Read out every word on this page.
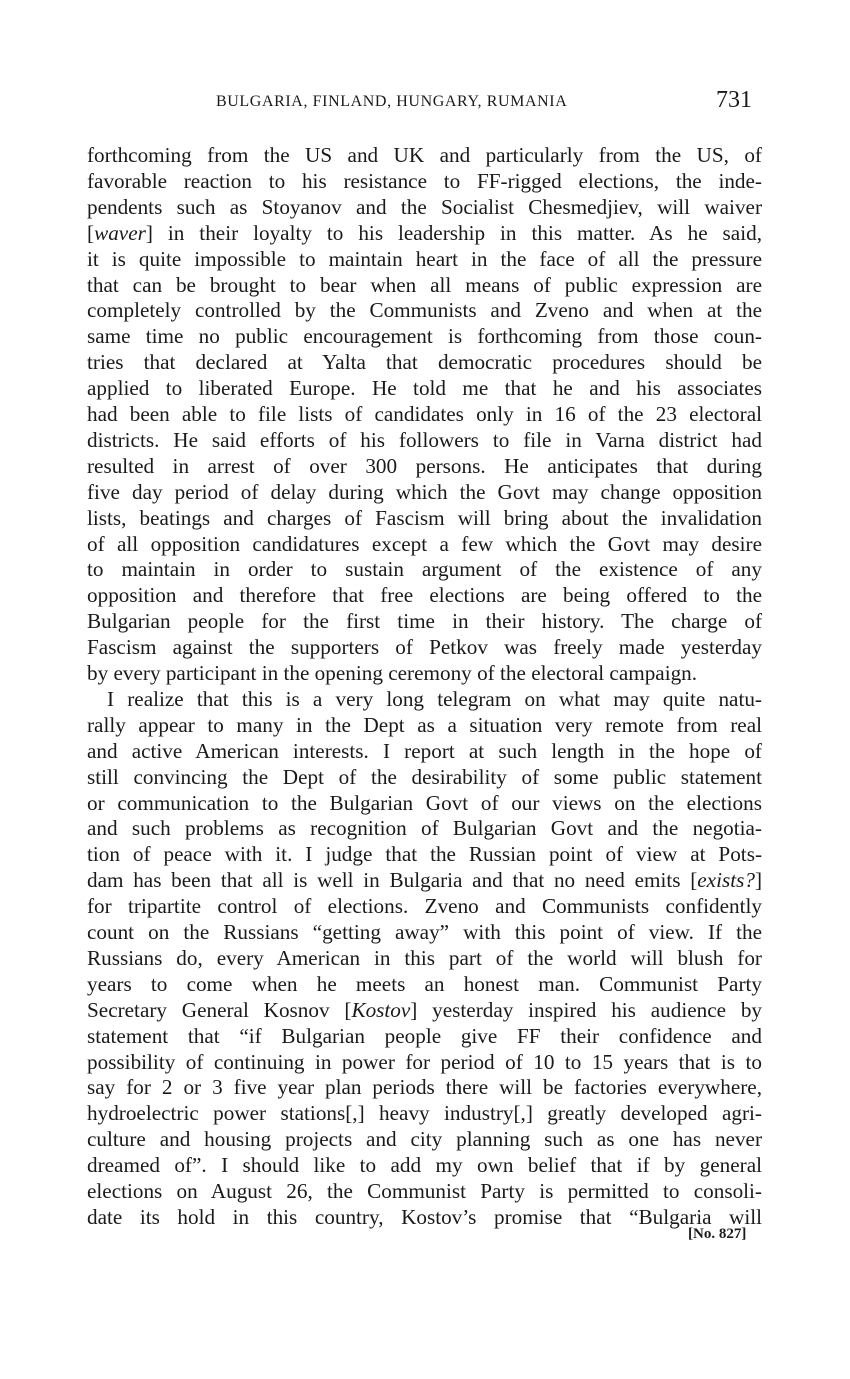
BULGARIA, FINLAND, HUNGARY, RUMANIA	731
forthcoming from the US and UK and particularly from the US, of
favorable reaction to his resistance to FF-rigged elections, the inde-
pendents such as Stoyanov and the Socialist Chesmedjiev, will waiver
[waver] in their loyalty to his leadership in this matter. As he said,
it is quite impossible to maintain heart in the face of all the pressure
that can be brought to bear when all means of public expression are
completely controlled by the Communists and Zveno and when at the
same time no public encouragement is forthcoming from those coun-
tries that declared at Yalta that democratic procedures should be
applied to liberated Europe. He told me that he and his associates
had been able to file lists of candidates only in 16 of the 23 electoral
districts. He said efforts of his followers to file in Varna district had
resulted in arrest of over 300 persons. He anticipates that during
five day period of delay during which the Govt may change opposition
lists, beatings and charges of Fascism will bring about the invalidation
of all opposition candidatures except a few which the Govt may desire
to maintain in order to sustain argument of the existence of any
opposition and therefore that free elections are being offered to the
Bulgarian people for the first time in their history. The charge of
Fascism against the supporters of Petkov was freely made yesterday
by every participant in the opening ceremony of the electoral campaign.
I realize that this is a very long telegram on what may quite natu-
rally appear to many in the Dept as a situation very remote from real
and active American interests. I report at such length in the hope of
still convincing the Dept of the desirability of some public statement
or communication to the Bulgarian Govt of our views on the elections
and such problems as recognition of Bulgarian Govt and the negotia-
tion of peace with it. I judge that the Russian point of view at Pots-
dam has been that all is well in Bulgaria and that no need emits [exists?]
for tripartite control of elections. Zveno and Communists confidently
count on the Russians “getting away” with this point of view. If the
Russians do, every American in this part of the world will blush for
years to come when he meets an honest man. Communist Party
Secretary General Kosnov [Kostov] yesterday inspired his audience by
statement that “if Bulgarian people give FF their confidence and
possibility of continuing in power for period of 10 to 15 years that is to
say for 2 or 3 five year plan periods there will be factories everywhere,
hydroelectric power stations[,] heavy industry[,] greatly developed agri-
culture and housing projects and city planning such as one has never
dreamed of”. I should like to add my own belief that if by general
elections on August 26, the Communist Party is permitted to consoli-
date its hold in this country, Kostov’s promise that “Bulgaria will
[No. 827]
